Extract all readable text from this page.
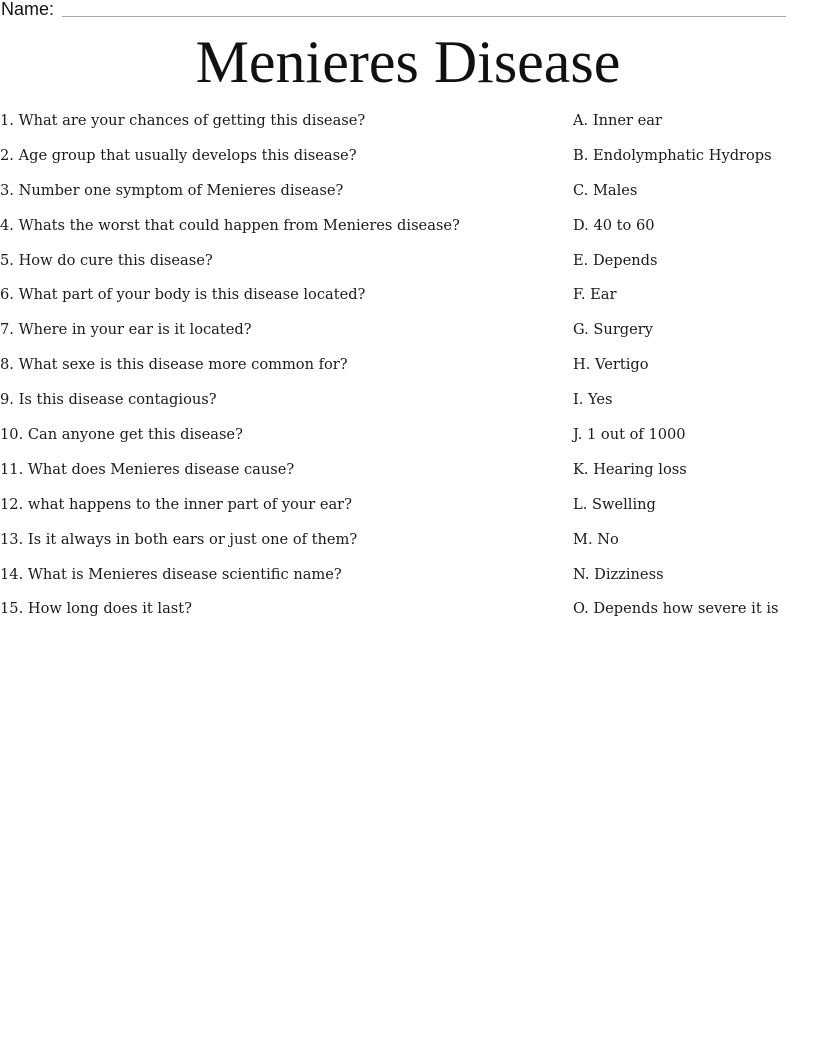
Name:
Menieres Disease
1. What are your chances of getting this disease?
2. Age group that usually develops this disease?
3. Number one symptom of Menieres disease?
4. Whats the worst that could happen from Menieres disease?
5. How do cure this disease?
6. What part of your body is this disease located?
7. Where in your ear is it located?
8. What sexe is this disease more common for?
9. Is this disease contagious?
10. Can anyone get this disease?
11. What does Menieres disease cause?
12. what happens to the inner part of your ear?
13. Is it always in both ears or just one of them?
14. What is Menieres disease scientific name?
15. How long does it last?
A. Inner ear
B. Endolymphatic Hydrops
C. Males
D. 40 to 60
E. Depends
F. Ear
G. Surgery
H. Vertigo
I. Yes
J. 1 out of 1000
K. Hearing loss
L. Swelling
M. No
N. Dizziness
O. Depends how severe it is
